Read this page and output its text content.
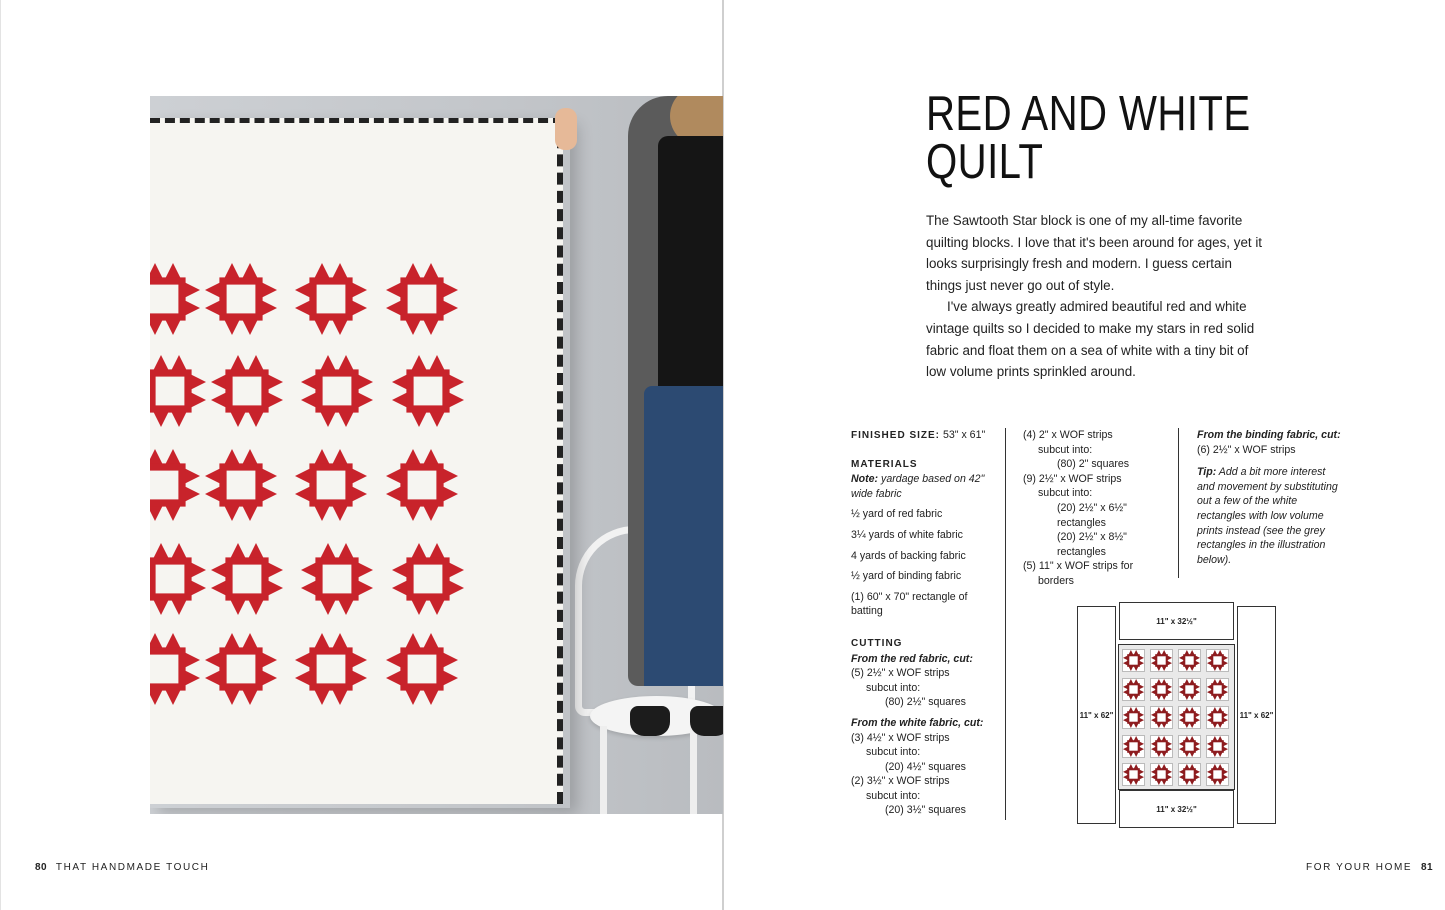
RED AND WHITE
QUILT

The Sawtooth Star block is one of my all-time favorite quilting blocks. I love that it's been around for ages, yet it looks surprisingly fresh and modern. I guess certain things just never go out of style.

I've always greatly admired beautiful red and white vintage quilts so I decided to make my stars in red solid fabric and float them on a sea of white with a tiny bit of low volume prints sprinkled around.

FINISHED SIZE: 53" x 61"
MATERIALS
Note: yardage based on 42" wide fabric
½ yard of red fabric
3¼ yards of white fabric
4 yards of backing fabric
½ yard of binding fabric
(1) 60" x 70" rectangle of batting
CUTTING
From the red fabric, cut:
(5) 2½" x WOF strips
subcut into:
(80) 2½" squares
From the white fabric, cut:
(3) 4½" x WOF strips
subcut into:
(20) 4½" squares
(2) 3½" x WOF strips
subcut into:
(20) 3½" squares
(4) 2" x WOF strips
subcut into:
(80) 2" squares
(9) 2½" x WOF strips
subcut into:
(20) 2½" x 6½"
rectangles
(20) 2½" x 8½"
rectangles
(5) 11" x WOF strips for
borders
From the binding fabric, cut:
(6) 2½" x WOF strips
Tip: Add a bit more interest and movement by substituting out a few of the white rectangles with low volume prints instead (see the grey rectangles in the illustration below).
11" x 62"	11" x 62"
11" x 32½"
11" x 32½"
80 THAT HANDMADE TOUCH	FOR YOUR HOME 81
